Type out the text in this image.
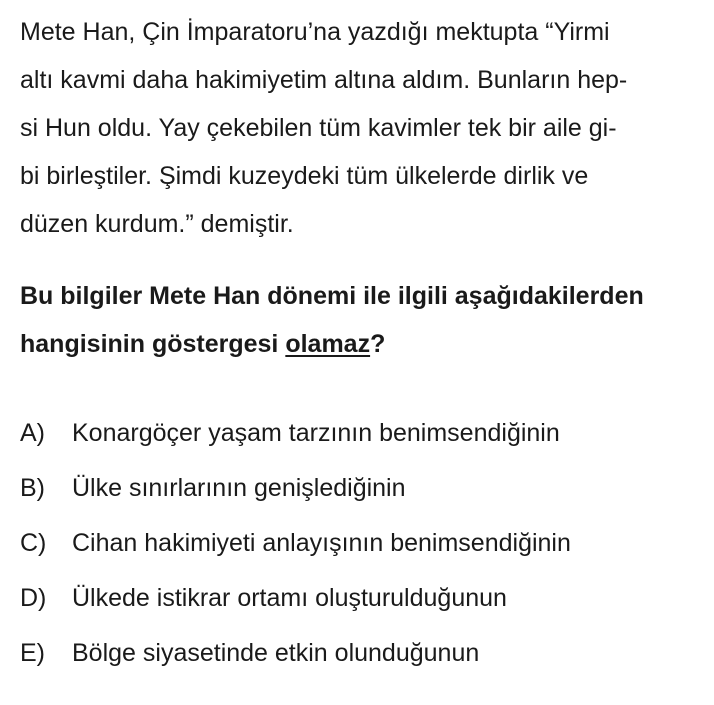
Mete Han, Çin İmparatoru’na yazdığı mektupta “Yirmi
altı kavmi daha hakimiyetim altına aldım. Bunların hep-
si Hun oldu. Yay çekebilen tüm kavimler tek bir aile gi-
bi birleştiler. Şimdi kuzeydeki tüm ülkelerde dirlik ve
düzen kurdum.” demiştir.

Bu bilgiler Mete Han dönemi ile ilgili aşağıdakilerden
hangisinin göstergesi olamaz?

A)	Konargöçer yaşam tarzının benimsendiğinin
B)	Ülke sınırlarının genişlediğinin
C)	Cihan hakimiyeti anlayışının benimsendiğinin
D)	Ülkede istikrar ortamı oluşturulduğunun
E)	Bölge siyasetinde etkin olunduğunun
